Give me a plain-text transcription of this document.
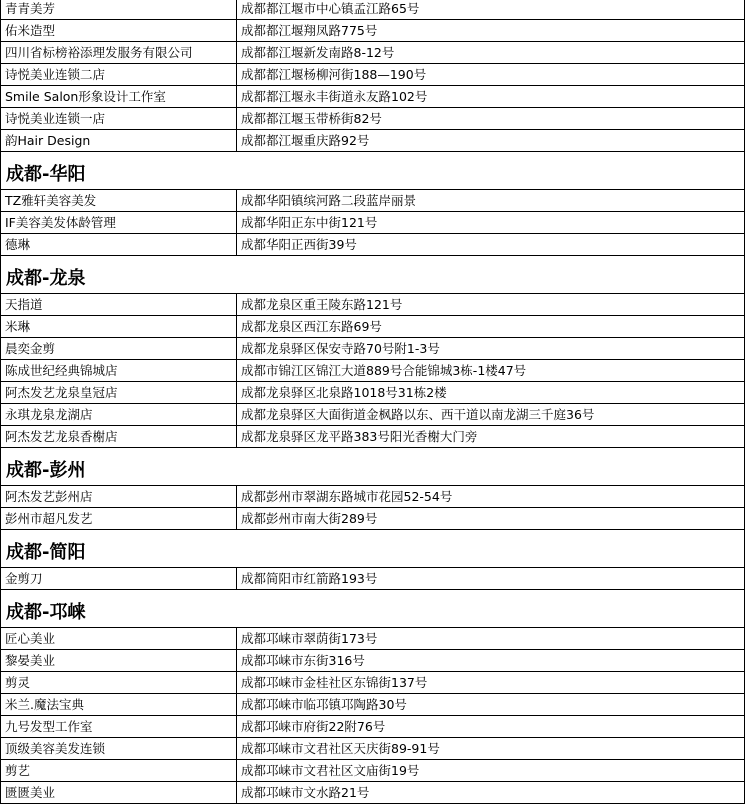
青青美芳	成都都江堰市中心镇孟江路65号
佑米造型	成都都江堰翔凤路775号
四川省标榜裕添理发服务有限公司	成都都江堰新发南路8-12号
诗悦美业连锁二店	成都都江堰杨柳河街188—190号
Smile Salon形象设计工作室	成都都江堰永丰街道永友路102号
诗悦美业连锁一店	成都都江堰玉带桥街82号
韵Hair Design	成都都江堰重庆路92号
成都-华阳	
TZ雅轩美容美发	成都华阳镇缤河路二段蓝岸丽景
IF美容美发体龄管理	成都华阳正东中街121号
德琳	成都华阳正西街39号
成都-龙泉	
天指道	成都龙泉区重王陵东路121号
米琳	成都龙泉区西江东路69号
晨奕金剪	成都龙泉驿区保安寺路70号附1-3号
陈成世纪经典锦城店	成都市锦江区锦江大道889号合能锦城3栋-1楼47号
阿杰发艺龙泉皇冠店	成都龙泉驿区北泉路1018号31栋2楼
永琪龙泉龙湖店	成都龙泉驿区大面街道金枫路以东、西干道以南龙湖三千庭36号
阿杰发艺龙泉香榭店	成都龙泉驿区龙平路383号阳光香榭大门旁
成都-彭州	
阿杰发艺彭州店	成都彭州市翠湖东路城市花园52-54号
彭州市超凡发艺	成都彭州市南大街289号
成都-简阳	
金剪刀	成都简阳市红箭路193号
成都-邛崃	
匠心美业	成都邛崃市翠荫街173号
黎晏美业	成都邛崃市东街316号
剪灵	成都邛崃市金桂社区东锦街137号
米兰.魔法宝典	成都邛崃市临邛镇邛陶路30号
九号发型工作室	成都邛崃市府街22附76号
顶级美容美发连锁	成都邛崃市文君社区天庆街89-91号
剪艺	成都邛崃市文君社区文庙街19号
匮匮美业	成都邛崃市文水路21号
